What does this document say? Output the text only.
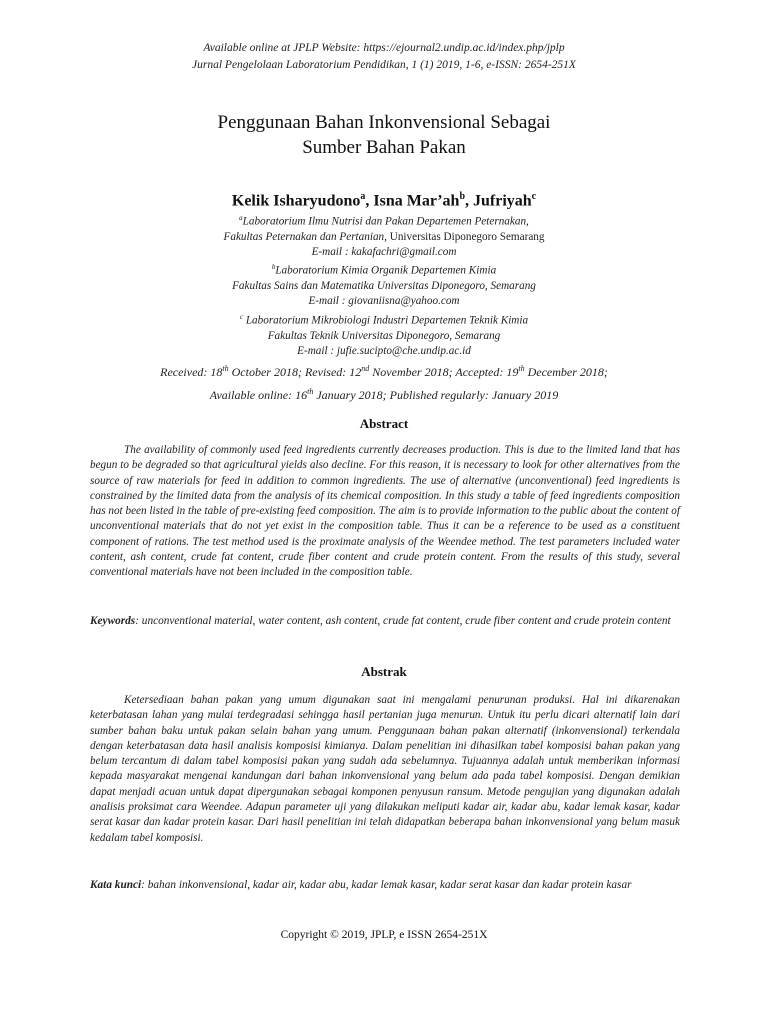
Available online at JPLP Website: https://ejournal2.undip.ac.id/index.php/jplp
Jurnal Pengelolaan Laboratorium Pendidikan, 1 (1) 2019, 1-6, e-ISSN: 2654-251X
Penggunaan Bahan Inkonvensional Sebagai
Sumber Bahan Pakan
Kelik Isharyudono$^a$, Isna $Mar’ah^b$, Jufriyah$^c$
$^a$Laboratorium Ilmu Nutrisi dan Pakan Departemen Peternakan,
Fakultas Peternakan dan Pertanian, Universitas Diponegoro Semarang
E-mail : kakafachri@gmail.com
$^b$Laboratorium Kimia Organik Departemen Kimia
Fakultas Sains dan Matematika Universitas Diponegoro, Semarang
E-mail : giovaniisna@yahoo.com
$^c$ Laboratorium Mikrobiologi Industri Departemen Teknik Kimia
Fakultas Teknik Universitas Diponegoro, Semarang
E-mail : jufie.sucipto@che.undip.ac.id
Received: 18th October 2018; Revised: 12nd November 2018; Accepted: 19th December 2018;
Available online: 16th January 2018; Published regularly: January 2019
Abstract
The availability of commonly used feed ingredients currently decreases production. This is due to the limited land that has begun to be degraded so that agricultural yields also decline. For this reason, it is necessary to look for other alternatives from the source of raw materials for feed in addition to common ingredients. The use of alternative (unconventional) feed ingredients is constrained by the limited data from the analysis of its chemical composition. In this study a table of feed ingredients composition has not been listed in the table of pre-existing feed composition. The aim is to provide information to the public about the content of unconventional materials that do not yet exist in the composition table. Thus it can be a reference to be used as a constituent component of rations. The test method used is the proximate analysis of the Weendee method. The test parameters included water content, ash content, crude fat content, crude fiber content and crude protein content. From the results of this study, several conventional materials have not been included in the composition table.
Keywords: unconventional material, water content, ash content, crude fat content, crude fiber content and crude protein content
Abstrak
Ketersediaan bahan pakan yang umum digunakan saat ini mengalami penurunan produksi. Hal ini dikarenakan keterbatasan lahan yang mulai terdegradasi sehingga hasil pertanian juga menurun. Untuk itu perlu dicari alternatif lain dari sumber bahan baku untuk pakan selain bahan yang umum. Penggunaan bahan pakan alternatif (inkonvensional) terkendala dengan keterbatasan data hasil analisis komposisi kimianya. Dalam penelitian ini dihasilkan tabel komposisi bahan pakan yang belum tercantum di dalam tabel komposisi pakan yang sudah ada sebelumnya. Tujuannya adalah untuk memberikan informasi kepada masyarakat mengenai kandungan dari bahan inkonvensional yang belum ada pada tabel komposisi. Dengan demikian dapat menjadi acuan untuk dapat dipergunakan sebagai komponen penyusun ransum. Metode pengujian yang digunakan adalah analisis proksimat cara Weendee. Adapun parameter uji yang dilakukan meliputi kadar air, kadar abu, kadar lemak kasar, kadar serat kasar dan kadar protein kasar. Dari hasil penelitian ini telah didapatkan beberapa bahan inkonvensional yang belum masuk kedalam tabel komposisi.
Kata kunci: bahan inkonvensional, kadar air, kadar abu, kadar lemak kasar, kadar serat kasar dan kadar protein kasar
Copyright © 2019, JPLP, e ISSN 2654-251X
